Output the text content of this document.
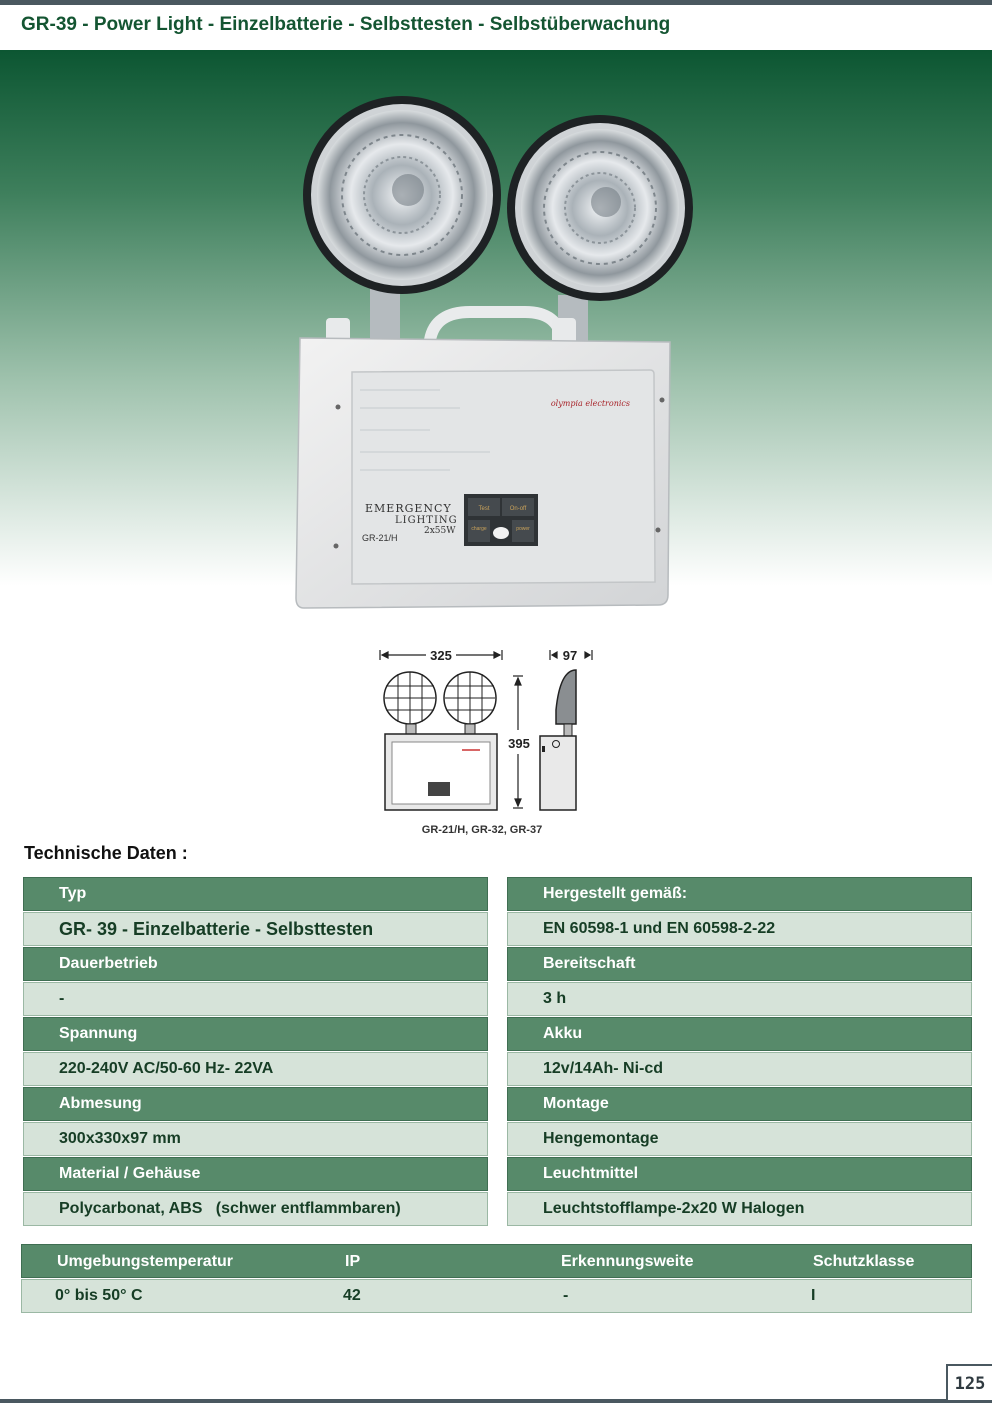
GR-39 - Power Light - Einzelbatterie - Selbsttesten - Selbstüberwachung
olympia electronics
EMERGENCY
LIGHTING
GR-21/H
2x55W
Test	On-off
charge	power
325	97
395
GR-21/H, GR-32, GR-37
Technische Daten :
Typ
GR- 39 - Einzelbatterie - Selbsttesten
Dauerbetrieb
-
Spannung
220-240V AC/50-60 Hz- 22VA
Abmesung
300x330x97 mm
Material / Gehäuse
Polycarbonat, ABS   (schwer entflammbaren)
Hergestellt gemäß:
EN 60598-1 und EN 60598-2-22
Bereitschaft
3 h
Akku
12v/14Ah- Ni-cd
Montage
Hengemontage
Leuchtmittel
Leuchtstofflampe-2x20 W Halogen
Umgebungstemperatur	IP	Erkennungsweite	Schutzklasse
0° bis 50° C	42	-	I
125
